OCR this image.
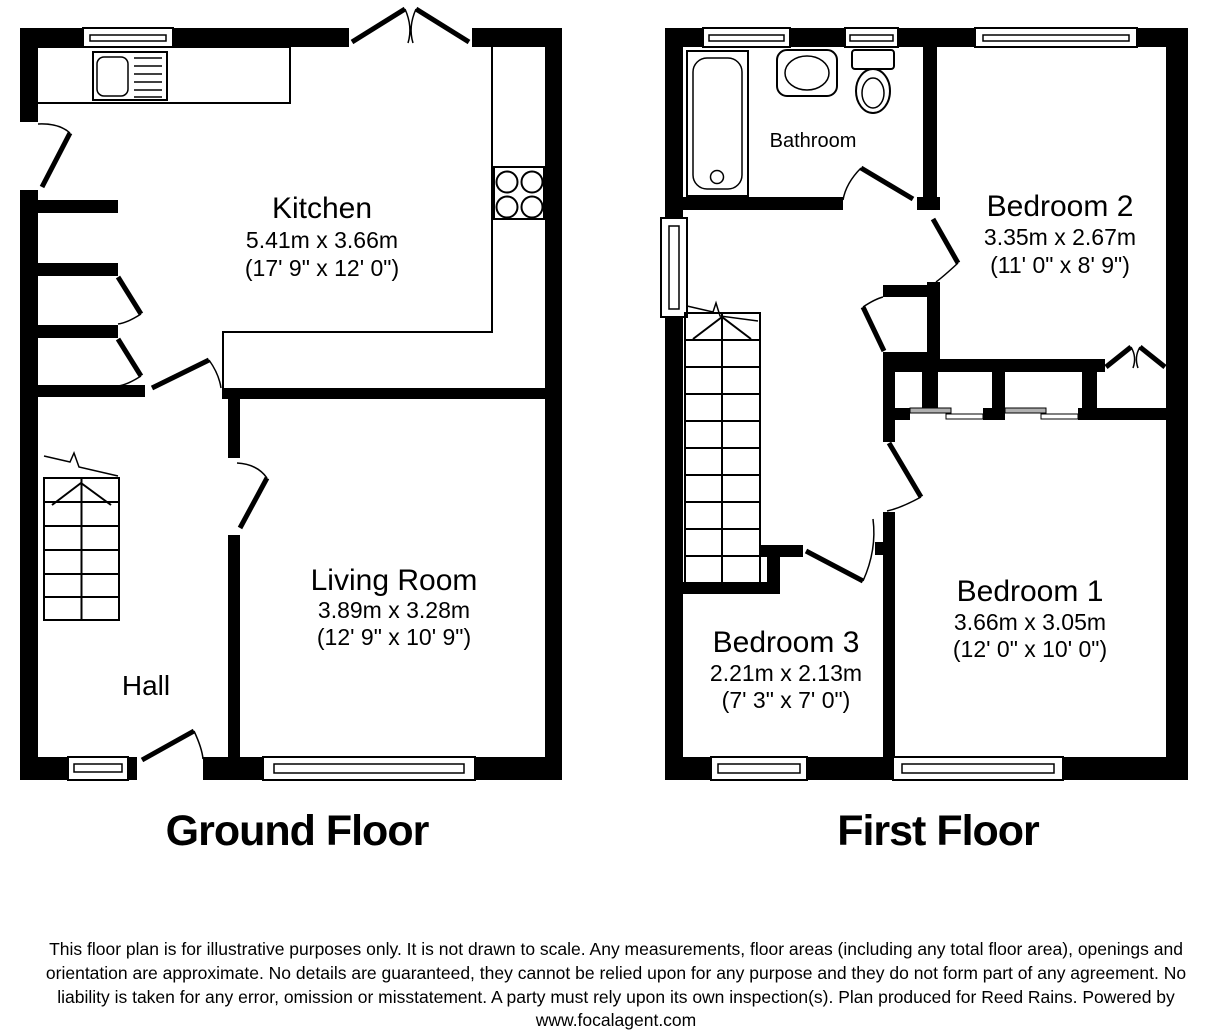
Kitchen
5.41m x 3.66m
(17' 9" x 12' 0")
Living Room
3.89m x 3.28m
(12' 9" x 10' 9")
Hall
Ground Floor
Bathroom
Bedroom 2
3.35m x 2.67m
(11' 0" x 8' 9")
Bedroom 3
2.21m x 2.13m
(7' 3" x 7' 0")
Bedroom 1
3.66m x 3.05m
(12' 0" x 10' 0")
First Floor
This floor plan is for illustrative purposes only. It is not drawn to scale. Any measurements, floor areas (including any total floor area), openings and
orientation are approximate. No details are guaranteed, they cannot be relied upon for any purpose and they do not form part of any agreement. No
liability is taken for any error, omission or misstatement. A party must rely upon its own inspection(s). Plan produced for Reed Rains. Powered by
www.focalagent.com
